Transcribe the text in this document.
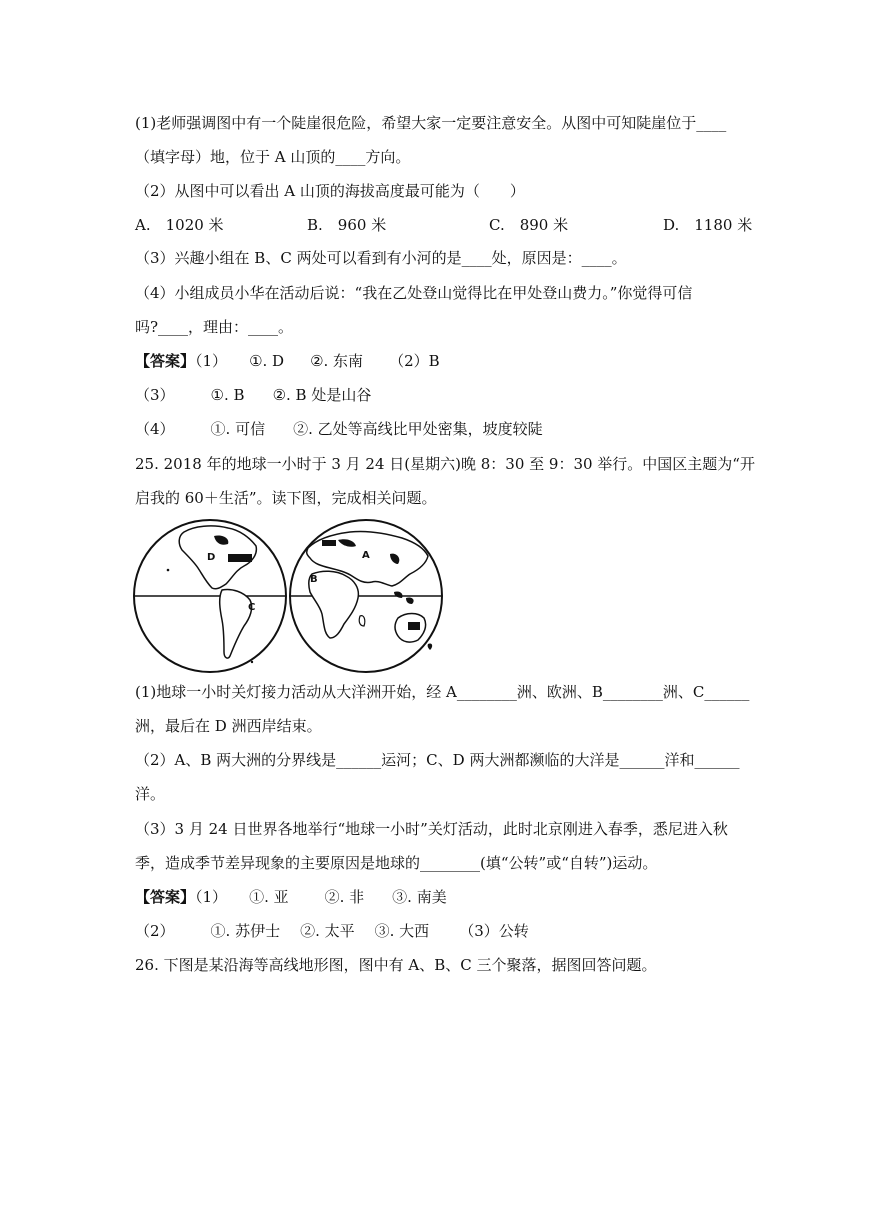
(1)老师强调图中有一个陡崖很危险，希望大家一定要注意安全。从图中可知陡崖位于____
（填字母）地，位于 A 山顶的____方向。
（2）从图中可以看出 A 山顶的海拔高度最可能为（　　）
A.　1020 米	B.　960 米	C.　890 米	D.　1180 米
（3）兴趣小组在 B、C 两处可以看到有小河的是____处，原因是：____。
（4）小组成员小华在活动后说：“我在乙处登山觉得比在甲处登山费力。”你觉得可信
吗?____，理由：____。
【答案】（1） ①. D ②. 东南 （2）B
（3） ①. B ②. B 处是山谷
（4） ①. 可信 ②. 乙处等高线比甲处密集，坡度较陡
25. 2018 年的地球一小时于 3 月 24 日(星期六)晚 8：30 至 9：30 举行。中国区主题为“开
启我的 60＋生活”。读下图，完成相关问题。
D
C
B
A
(1)地球一小时关灯接力活动从大洋洲开始，经 A________洲、欧洲、B________洲、C______
洲，最后在 D 洲西岸结束。
（2）A、B 两大洲的分界线是______运河；C、D 两大洲都濒临的大洋是______洋和______
洋。
（3）3 月 24 日世界各地举行“地球一小时”关灯活动，此时北京刚进入春季，悉尼进入秋
季，造成季节差异现象的主要原因是地球的________(填“公转”或“自转”)运动。
【答案】（1） ①. 亚 ②. 非 ③. 南美
（2） ①. 苏伊士 ②. 太平 ③. 大西 （3）公转
26. 下图是某沿海等高线地形图，图中有 A、B、C 三个聚落，据图回答问题。
